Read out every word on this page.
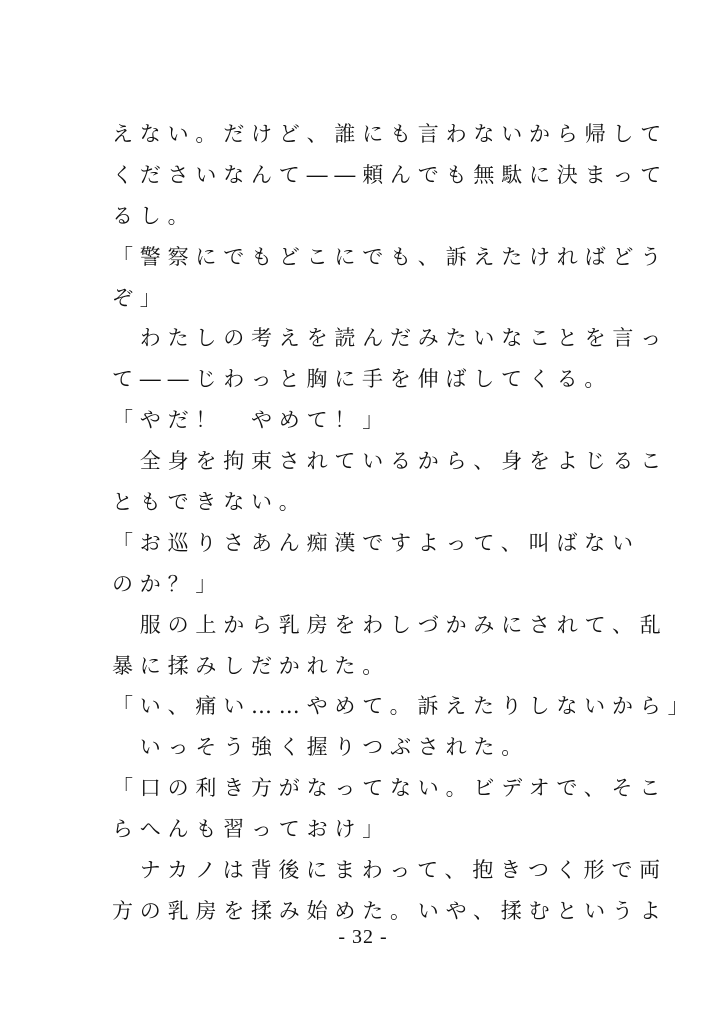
えない。だけど、誰にも言わないから帰して
くださいなんて――頼んでも無駄に決まって
るし。
「警察にでもどこにでも、訴えたければどう
ぞ」
　わたしの考えを読んだみたいなことを言っ
て――じわっと胸に手を伸ばしてくる。
「やだ！　やめて！」
　全身を拘束されているから、身をよじるこ
ともできない。
「お巡りさあん痴漢ですよって、叫ばない
のか？」
　服の上から乳房をわしづかみにされて、乱
暴に揉みしだかれた。
「い、痛い……やめて。訴えたりしないから」
　いっそう強く握りつぶされた。
「口の利き方がなってない。ビデオで、そこ
らへんも習っておけ」
　ナカノは背後にまわって、抱きつく形で両
方の乳房を揉み始めた。いや、揉むというよ
- 32 -
